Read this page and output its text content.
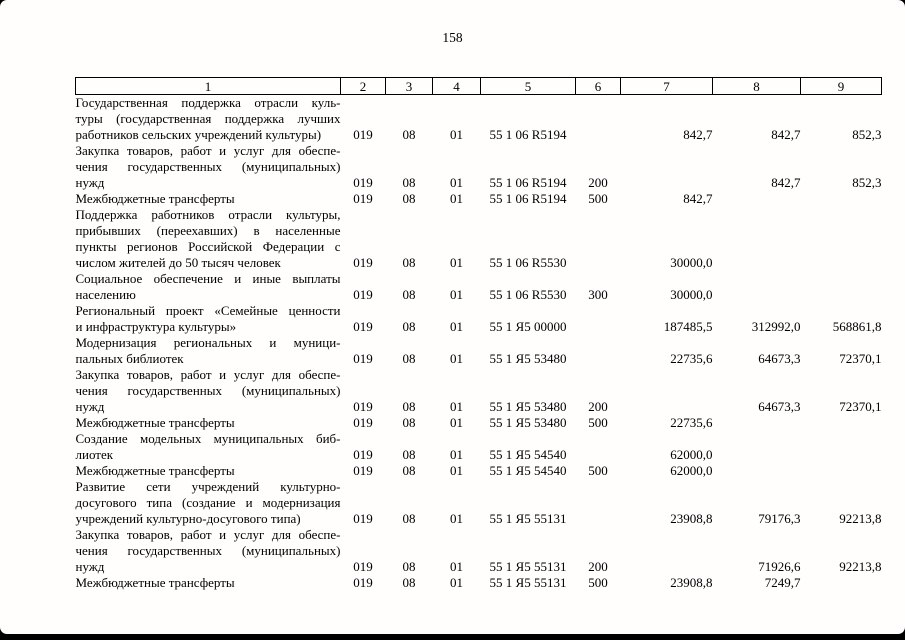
158
1	2	3	4	5	6	7	8	9

Государственная поддержка отрасли куль-
туры (государственная поддержка лучших
работников сельских учреждений культуры)	019	08	01	55 1 06 R5194		842,7	842,7	852,3

Закупка товаров, работ и услуг для обеспе-
чения государственных (муниципальных)
нужд	019	08	01	55 1 06 R5194	200		842,7	852,3

Межбюджетные трансферты	019	08	01	55 1 06 R5194	500	842,7		

Поддержка работников отрасли культуры,
прибывших (переехавших) в населенные
пункты регионов Российской Федерации с
числом жителей до 50 тысяч человек	019	08	01	55 1 06 R5530		30000,0		

Социальное обеспечение и иные выплаты
населению	019	08	01	55 1 06 R5530	300	30000,0		

Региональный проект «Семейные ценности
и инфраструктура культуры»	019	08	01	55 1 Я5 00000		187485,5	312992,0	568861,8

Модернизация региональных и муници-
пальных библиотек	019	08	01	55 1 Я5 53480		22735,6	64673,3	72370,1

Закупка товаров, работ и услуг для обеспе-
чения государственных (муниципальных)
нужд	019	08	01	55 1 Я5 53480	200		64673,3	72370,1

Межбюджетные трансферты	019	08	01	55 1 Я5 53480	500	22735,6		

Создание модельных муниципальных биб-
лиотек	019	08	01	55 1 Я5 54540		62000,0		

Межбюджетные трансферты	019	08	01	55 1 Я5 54540	500	62000,0		

Развитие сети учреждений культурно-
досугового типа (создание и модернизация
учреждений культурно-досугового типа)	019	08	01	55 1 Я5 55131		23908,8	79176,3	92213,8

Закупка товаров, работ и услуг для обеспе-
чения государственных (муниципальных)
нужд	019	08	01	55 1 Я5 55131	200		71926,6	92213,8

Межбюджетные трансферты	019	08	01	55 1 Я5 55131	500	23908,8	7249,7	
